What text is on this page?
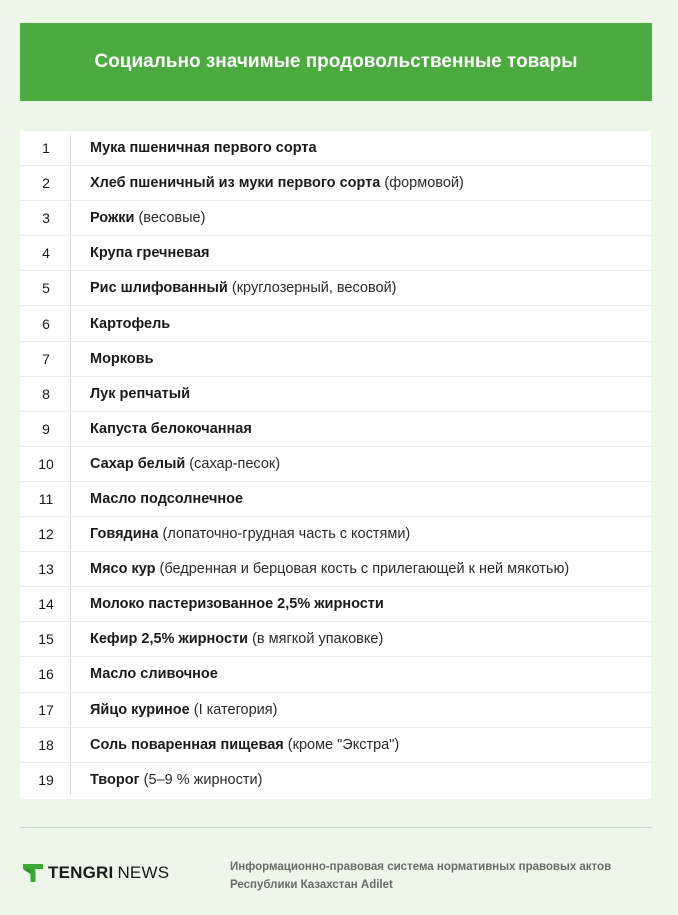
Социально значимые продовольственные товары
1	Мука пшеничная первого сорта
2	Хлеб пшеничный из муки первого сорта (формовой)
3	Рожки (весовые)
4	Крупа гречневая
5	Рис шлифованный (круглозерный, весовой)
6	Картофель
7	Морковь
8	Лук репчатый
9	Капуста белокочанная
10	Сахар белый (сахар-песок)
11	Масло подсолнечное
12	Говядина (лопаточно-грудная часть с костями)
13	Мясо кур (бедренная и берцовая кость с прилегающей к ней мякотью)
14	Молоко пастеризованное 2,5% жирности
15	Кефир 2,5% жирности (в мягкой упаковке)
16	Масло сливочное
17	Яйцо куриное (I категория)
18	Соль поваренная пищевая (кроме "Экстра")
19	Творог (5–9 % жирности)
TENGRI NEWS	Информационно-правовая система нормативных правовых актов
Республики Казахстан Adilet
